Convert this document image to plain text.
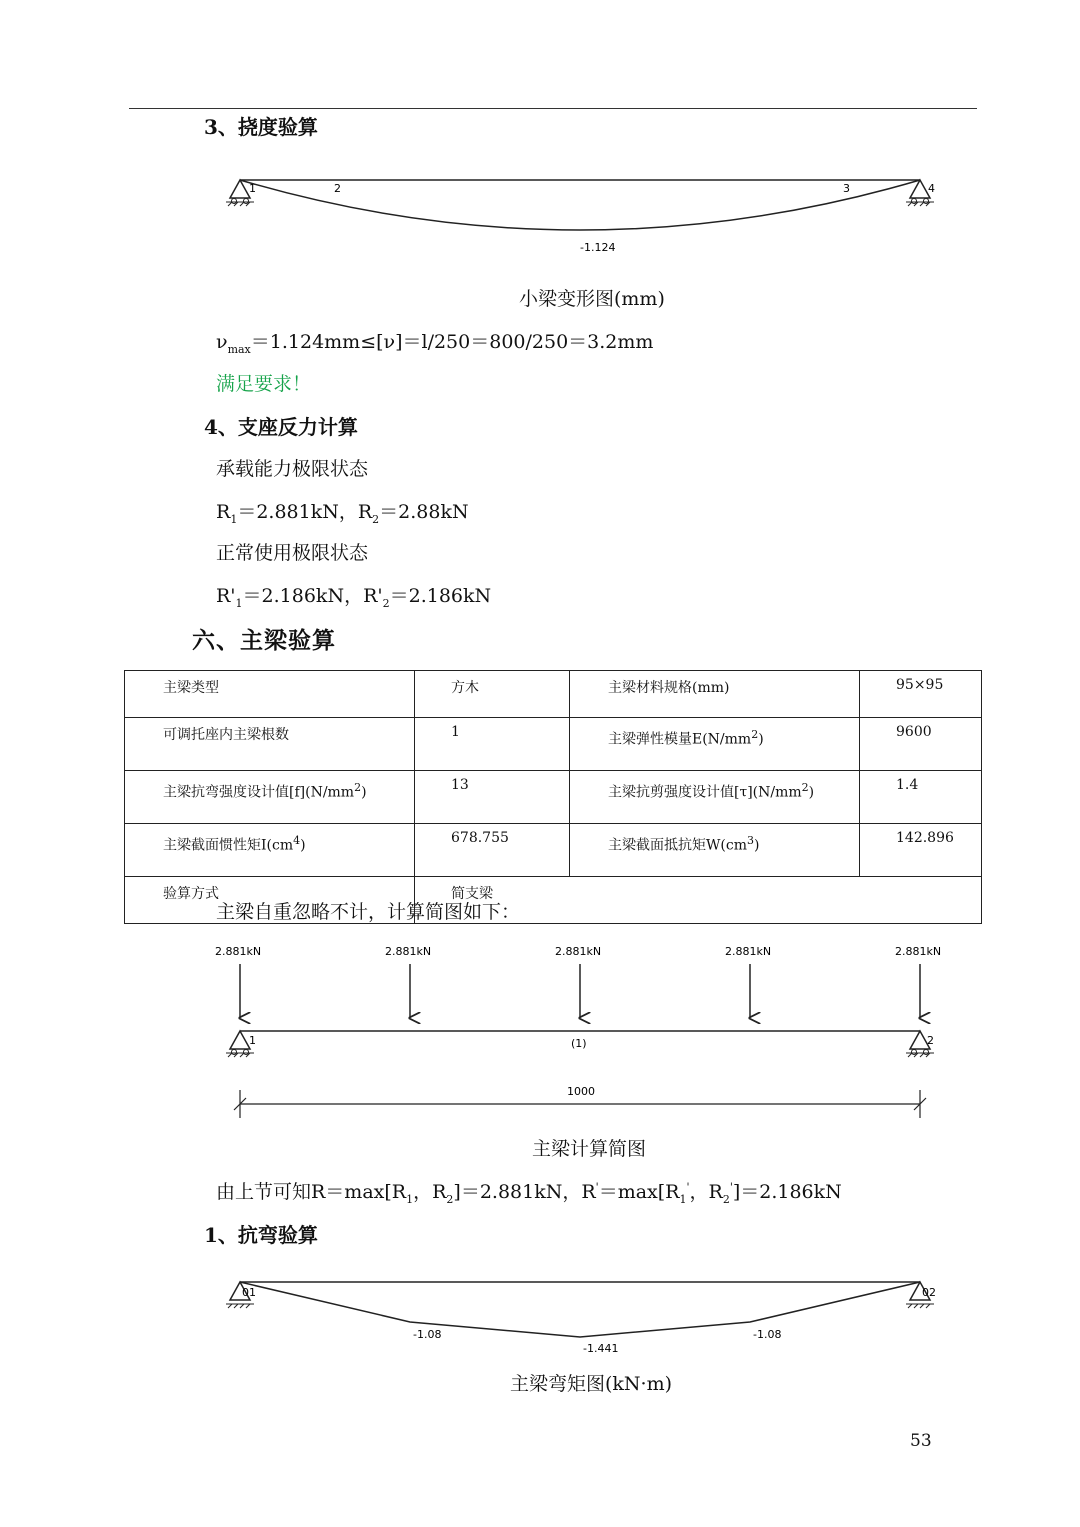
3、挠度验算
1	2	3	4
-1.124
小梁变形图(mm)
$\nu_{max}=1.124mm\le[\nu]=l/250=800/250=3.2mm$
满足要求！
4、支座反力计算
承载能力极限状态
$R_1=2.881kN$，$R_2=2.88kN$
正常使用极限状态
$R'_1=2.186kN$，$R'_2=2.186kN$
六、主梁验算
主梁类型	方木	主梁材料规格(mm)	95×95
可调托座内主梁根数	1	主梁弹性模量$E(N/mm^2)$	9600
主梁抗弯强度设计值$[f](N/mm^2)$	13	主梁抗剪强度设计值$[\tau](N/mm^2)$	1.4
主梁截面惯性矩$I(cm^4)$	678.755	主梁截面抵抗矩$W(cm^3)$	142.896
验算方式	简支梁		
主梁自重忽略不计，计算简图如下：
2.881kN	2.881kN	2.881kN	2.881kN	2.881kN
1	2
(1)
1000
主梁计算简图
由上节可知$R=\max[R_1$，$R_2]=2.881kN$，$R'=\max[R_1'$，$R_2']=2.186kN$
1、抗弯验算
01	02
-1.08
-1.441
-1.08
主梁弯矩图(kN·m)
53
